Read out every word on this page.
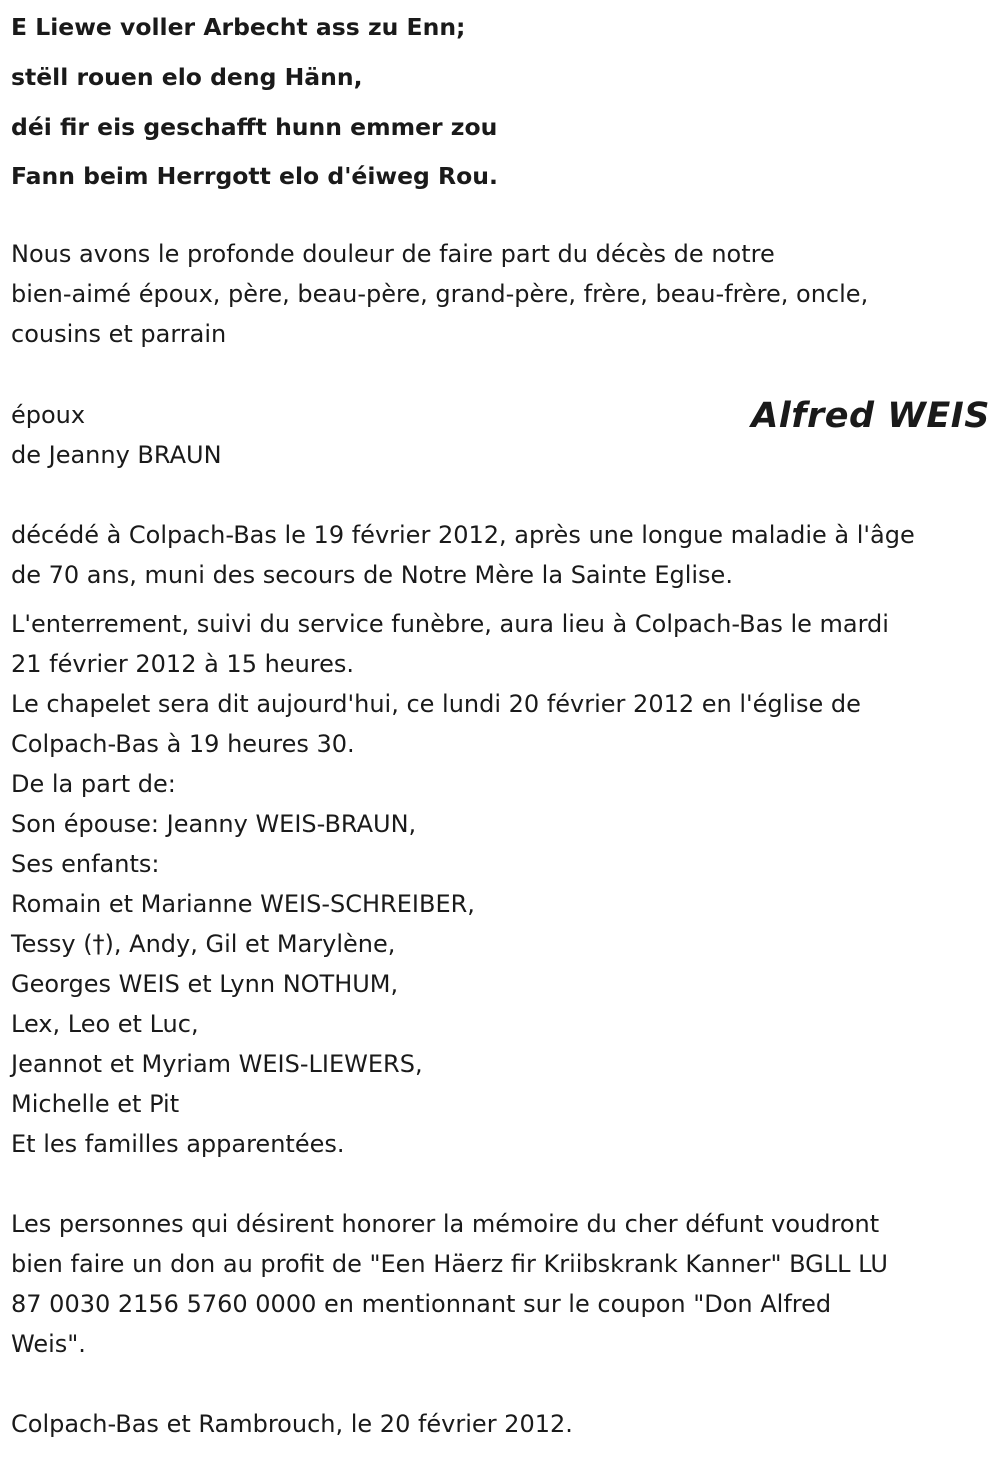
E Liewe voller Arbecht ass zu Enn;

stëll rouen elo deng Hänn,

déi fir eis geschafft hunn emmer zou

Fann beim Herrgott elo d'éiweg Rou.

Nous avons le profonde douleur de faire part du décès de notre

bien-aimé époux, père, beau-père, grand-père, frère, beau-frère, oncle,

cousins et parrain

époux

de Jeanny BRAUN

Alfred WEIS

décédé à Colpach-Bas le 19 février 2012, après une longue maladie à l'âge

de 70 ans, muni des secours de Notre Mère la Sainte Eglise.

L'enterrement, suivi du service funèbre, aura lieu à Colpach-Bas le mardi

21 février 2012 à 15 heures.

Le chapelet sera dit aujourd'hui, ce lundi 20 février 2012 en l'église de

Colpach-Bas à 19 heures 30.

De la part de:

Son épouse: Jeanny WEIS-BRAUN,

Ses enfants:

Romain et Marianne WEIS-SCHREIBER,

Tessy (†), Andy, Gil et Marylène,

Georges WEIS et Lynn NOTHUM,

Lex, Leo et Luc,

Jeannot et Myriam WEIS-LIEWERS,

Michelle et Pit

Et les familles apparentées.

Les personnes qui désirent honorer la mémoire du cher défunt voudront

bien faire un don au profit de "Een Häerz fir Kriibskrank Kanner" BGLL LU

87 0030 2156 5760 0000 en mentionnant sur le coupon "Don Alfred

Weis".

Colpach-Bas et Rambrouch, le 20 février 2012.
